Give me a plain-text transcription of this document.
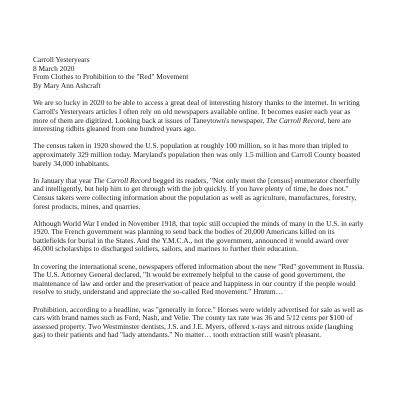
Carroll Yesteryears
8 March 2020
From Clothes to Prohibition to the "Red" Movement
By Mary Ann Ashcraft

We are so lucky in 2020 to be able to access a great deal of interesting history thanks to the internet. In writing Carroll's Yesteryears articles I often rely on old newspapers available online. It becomes easier each year as more of them are digitized. Looking back at issues of Taneytown's newspaper, The Carroll Record, here are interesting tidbits gleaned from one hundred years ago.

The census taken in 1920 showed the U.S. population at roughly 100 million, so it has more than tripled to approximately 329 million today. Maryland's population then was only 1.5 million and Carroll County boasted barely 34,000 inhabitants.

In January that year The Carroll Record begged its readers, "Not only meet the [census] enumerator cheerfully and intelligently, but help him to get through with the job quickly. If you have plenty of time, he does not." Census takers were collecting information about the population as well as agriculture, manufactures, forestry, forest products, mines, and quarries.

Although World War I ended in November 1918, that topic still occupied the minds of many in the U.S. in early 1920. The French government was planning to send back the bodies of 20,000 Americans killed on its battlefields for burial in the States. And the Y.M.C.A., not the government, announced it would award over 46,000 scholarships to discharged soldiers, sailors, and marines to further their education.

In covering the international scene, newspapers offered information about the new "Red" government in Russia. The U.S. Attorney General declared, "It would be extremely helpful to the cause of good government, the maintenance of law and order and the preservation of peace and happiness in our country if the people would resolve to study, understand and appreciate the so-called Red movement." Hmmm…

Prohibition, according to a headline, was "generally in force." Horses were widely advertised for sale as well as cars with brand names such as Ford, Nash, and Velie. The county tax rate was 36 and 5/12 cents per $100 of assessed property. Two Westminster dentists, J.S. and J.E. Myers, offered x-rays and nitrous oxide (laughing gas) to their patients and had "lady attendants." No matter… tooth extraction still wasn't pleasant.
